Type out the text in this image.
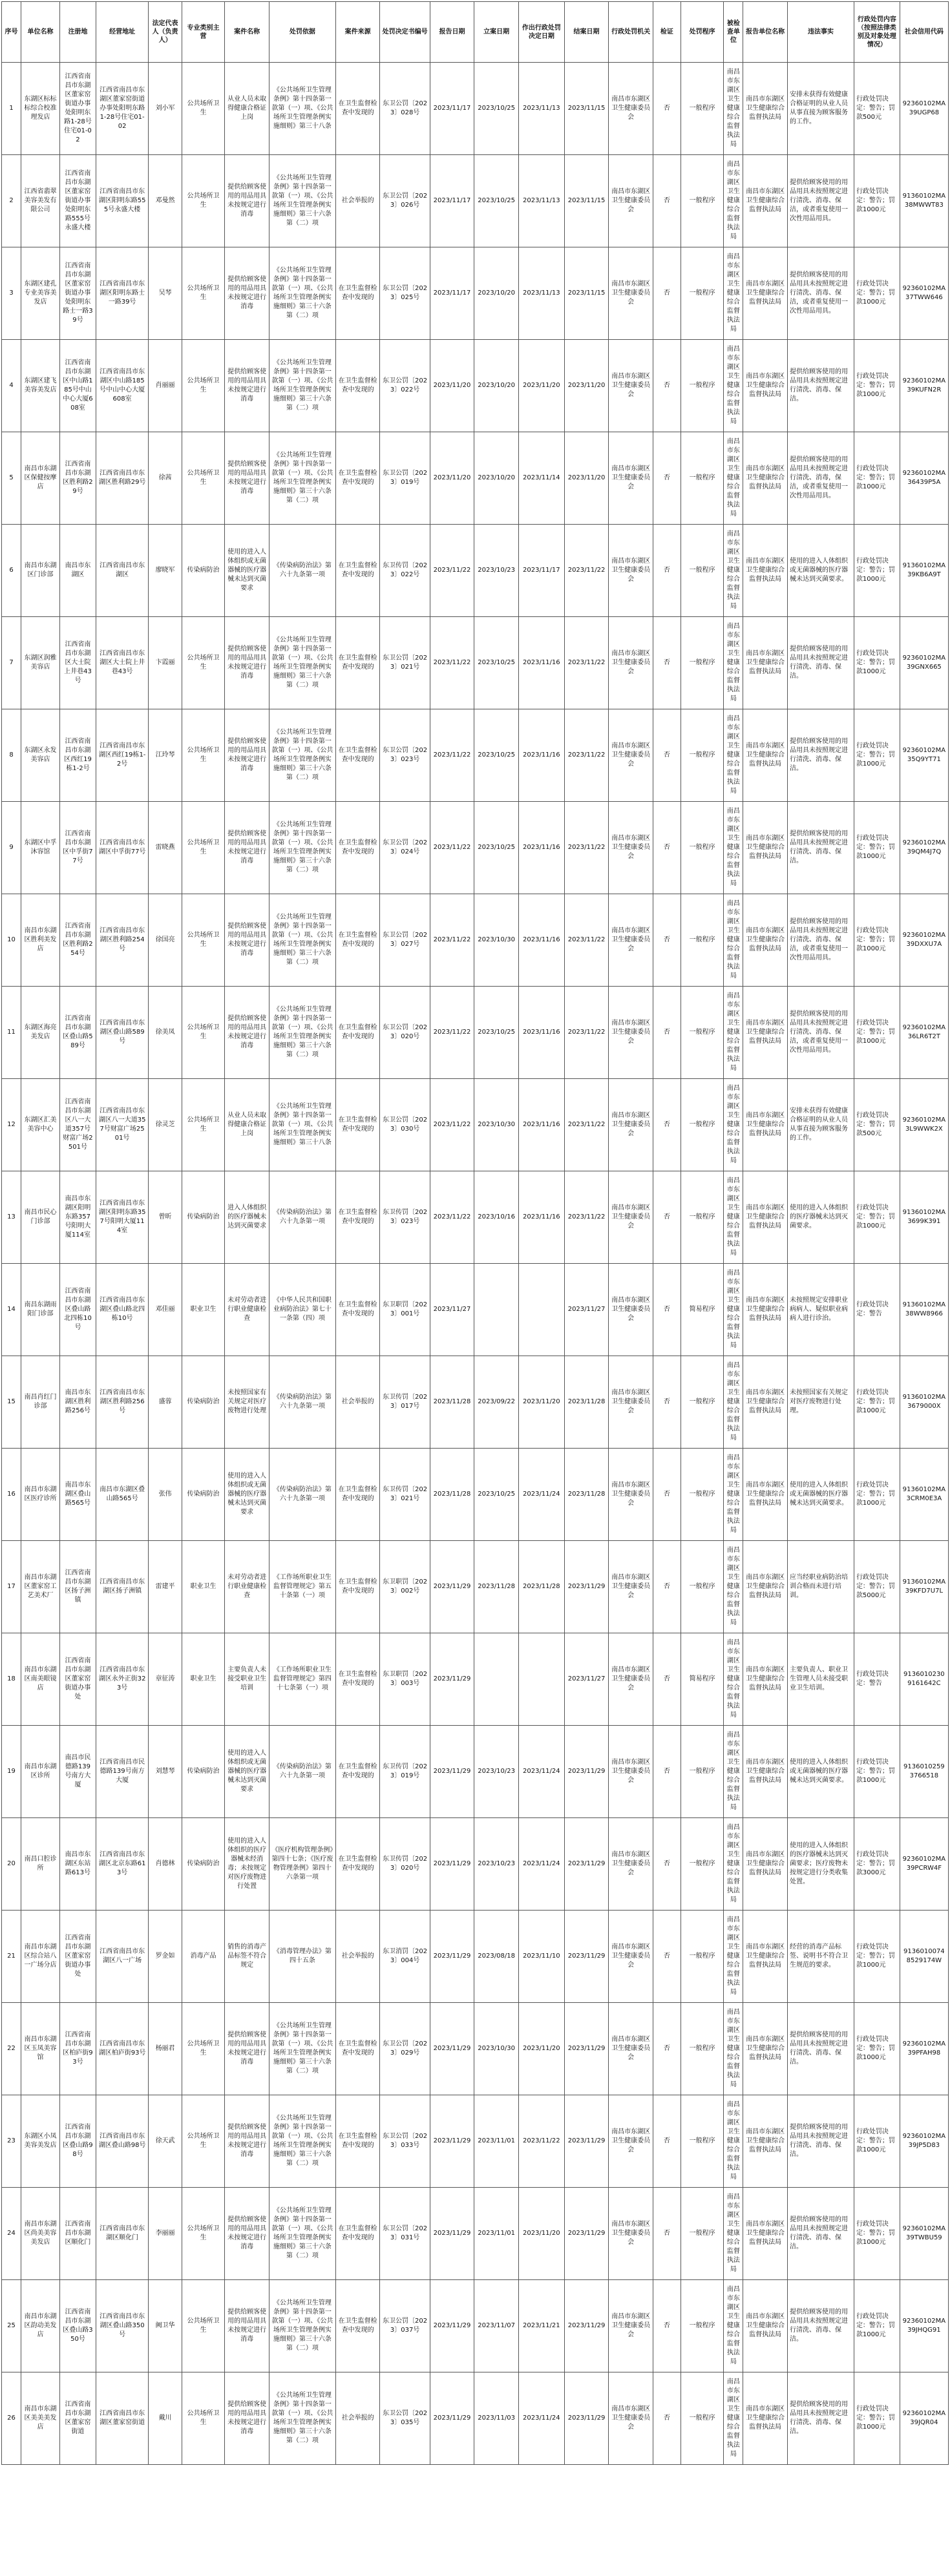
序号	单位名称	注册地	经营地址	法定代表人（负责人）	专业类别主营	案件名称	处罚依据	案件来源	处罚决定书编号	报告日期	立案日期	作出行政处罚决定日期	结案日期	行政处罚机关	检证	处罚程序	被检查单位	报告单位名称	违法事实	行政处罚内容（按照法律类别及对象处理情况）	社会信用代码
1	东湖区标标标综合校准理发店	江西省南昌市东湖区董家窑街道办事处阳明东路1-28号住宅01-02	江西省南昌市东湖区董家窑街道办事处阳明东路1-28号住宅01-02	刘小军	公共场所卫生	从业人员未取得健康合格证上岗	《公共场所卫生管理条例》第十四条第一款第（一）项、《公共场所卫生管理条例实施细则》第三十八条	在卫生监督检查中发现的	东卫公罚〔2023〕028号	2023/11/17	2023/10/25	2023/11/13	2023/11/15	南昌市东湖区卫生健康委员会	否	一般程序	南昌市东湖区卫生健康综合监督执法局	南昌市东湖区卫生健康综合监督执法局	安排未获得有效健康合格证明的从业人员从事直接为顾客服务的工作。	行政处罚决定：警告；罚款500元	92360102MA39UGP68
2	江西省翡翠美容美发有限公司	江西省南昌市东湖区董家窑街道办事处阳明东路555号永盛大楼	江西省南昌市东湖区阳明东路555号永盛大楼	邓曼然	公共场所卫生	提供给顾客使用的用品用具未按规定进行消毒	《公共场所卫生管理条例》第十四条第一款第（一）项、《公共场所卫生管理条例实施细则》第三十六条第（二）项	社会举报的	东卫公罚〔2023〕026号	2023/11/17	2023/10/25	2023/11/13	2023/11/15	南昌市东湖区卫生健康委员会	否	一般程序	南昌市东湖区卫生健康综合监督执法局	南昌市东湖区卫生健康综合监督执法局	提供给顾客使用的用品用具未按照规定进行清洗、消毒、保洁，或者重复使用一次性用品用具。	行政处罚决定：警告；罚款1000元	91360102MA38MWWT83
3	东湖区建孔专业美容美发店	江西省南昌市东湖区董家窑街道办事处阳明东路士一路39号	江西省南昌市东湖区阳明东路士一路39号	吴琴	公共场所卫生	提供给顾客使用的用品用具未按规定进行消毒	《公共场所卫生管理条例》第十四条第一款第（一）项、《公共场所卫生管理条例实施细则》第三十六条第（二）项	在卫生监督检查中发现的	东卫公罚〔2023〕025号	2023/11/17	2023/10/20	2023/11/13	2023/11/15	南昌市东湖区卫生健康委员会	否	一般程序	南昌市东湖区卫生健康综合监督执法局	南昌市东湖区卫生健康综合监督执法局	提供给顾客使用的用品用具未按照规定进行清洗、消毒、保洁，或者重复使用一次性用品用具。	行政处罚决定：警告；罚款1000元	92360102MA37TWW646
4	东湖区建飞美容美发店	江西省南昌市东湖区中山路185号中山中心大厦608室	江西省南昌市东湖区中山路185号中山中心大厦608室	肖丽丽	公共场所卫生	提供给顾客使用的用品用具未按规定进行消毒	《公共场所卫生管理条例》第十四条第一款第（一）项、《公共场所卫生管理条例实施细则》第三十六条第（二）项	在卫生监督检查中发现的	东卫公罚〔2023〕022号	2023/11/20	2023/10/20	2023/11/20	2023/11/20	南昌市东湖区卫生健康委员会	否	一般程序	南昌市东湖区卫生健康综合监督执法局	南昌市东湖区卫生健康综合监督执法局	提供给顾客使用的用品用具未按照规定进行清洗、消毒、保洁。	行政处罚决定：警告；罚款1000元	92360102MA39KUFN2R
5	南昌市东湖区保健按摩店	江西省南昌市东湖区胜利路29号	江西省南昌市东湖区胜利路29号	徐茜	公共场所卫生	提供给顾客使用的用品用具未按规定进行消毒	《公共场所卫生管理条例》第十四条第一款第（一）项、《公共场所卫生管理条例实施细则》第三十六条第（二）项	在卫生监督检查中发现的	东卫公罚〔2023〕019号	2023/11/20	2023/10/20	2023/11/14	2023/11/20	南昌市东湖区卫生健康委员会	否	一般程序	南昌市东湖区卫生健康综合监督执法局	南昌市东湖区卫生健康综合监督执法局	提供给顾客使用的用品用具未按照规定进行清洗、消毒，保洁，或者重复使用一次性用品用具。	行政处罚决定：警告；罚款1000元	92360102MA36439P5A
6	南昌市东湖区门诊部	南昌市东湖区	江西省南昌市东湖区	廖晓军	传染病防治	使用的进入人体组织或无菌器械的医疗器械未达到灭菌要求	《传染病防治法》第六十九条第一项	在卫生监督检查中发现的	东卫传罚〔2023〕022号	2023/11/22	2023/10/23	2023/11/17	2023/11/22	南昌市东湖区卫生健康委员会	否	一般程序	南昌市东湖区卫生健康综合监督执法局	南昌市东湖区卫生健康综合监督执法局	使用的进入人体组织或无菌器械的医疗器械未达到灭菌要求。	行政处罚决定：警告；罚款1000元	91360102MA39KB6A9T
7	东湖区润雅美容店	江西省南昌市东湖区大士院上井巷43号	江西省南昌市东湖区大士院上井巷43号	卞霞丽	公共场所卫生	提供给顾客使用的用品用具未按规定进行消毒	《公共场所卫生管理条例》第十四条第一款第（一）项、《公共场所卫生管理条例实施细则》第三十六条第（二）项	在卫生监督检查中发现的	东卫公罚〔2023〕021号	2023/11/22	2023/10/25	2023/11/16	2023/11/22	南昌市东湖区卫生健康委员会	否	一般程序	南昌市东湖区卫生健康综合监督执法局	南昌市东湖区卫生健康综合监督执法局	提供给顾客使用的用品用具未按照规定进行清洗、消毒、保洁。	行政处罚决定：警告；罚款1000元	92360102MA39GNX665
8	东湖区永发美容店	江西省南昌市东湖区西红19栋1-2号	江西省南昌市东湖区西红19栋1-2号	江玲琴	公共场所卫生	提供给顾客使用的用品用具未按规定进行消毒	《公共场所卫生管理条例》第十四条第一款第（一）项、《公共场所卫生管理条例实施细则》第三十六条第（二）项	在卫生监督检查中发现的	东卫公罚〔2023〕023号	2023/11/22	2023/10/25	2023/11/16	2023/11/22	南昌市东湖区卫生健康委员会	否	一般程序	南昌市东湖区卫生健康综合监督执法局	南昌市东湖区卫生健康综合监督执法局	提供给顾客使用的用品用具未按照规定进行清洗、消毒、保洁。	行政处罚决定：警告；罚款1000元	92360102MA35Q9YT71
9	东湖区中孚沐容馆	江西省南昌市东湖区中孚街77号	江西省南昌市东湖区中孚街77号	雷晓燕	公共场所卫生	提供给顾客使用的用品用具未按规定进行消毒	《公共场所卫生管理条例》第十四条第一款第（一）项、《公共场所卫生管理条例实施细则》第三十六条第（二）项	在卫生监督检查中发现的	东卫公罚〔2023〕024号	2023/11/22	2023/10/25	2023/11/16	2023/11/22	南昌市东湖区卫生健康委员会	否	一般程序	南昌市东湖区卫生健康综合监督执法局	南昌市东湖区卫生健康综合监督执法局	提供给顾客使用的用品用具未按照规定进行清洗、消毒、保洁。	行政处罚决定：警告；罚款1000元	92360102MA39QM4J7Q
10	南昌市东湖区胜利美发店	江西省南昌市东湖区胜利路254号	江西省南昌市东湖区胜利路254号	徐国亮	公共场所卫生	提供给顾客使用的用品用具未按规定进行消毒	《公共场所卫生管理条例》第十四条第一款第（一）项、《公共场所卫生管理条例实施细则》第三十六条第（二）项	在卫生监督检查中发现的	东卫公罚〔2023〕027号	2023/11/22	2023/10/30	2023/11/16	2023/11/22	南昌市东湖区卫生健康委员会	否	一般程序	南昌市东湖区卫生健康综合监督执法局	南昌市东湖区卫生健康综合监督执法局	提供给顾客使用的用品用具未按照规定进行清洗、消毒、保洁，或者重复使用一次性用品用具。	行政处罚决定：警告；罚款1000元	92360102MA39DXXU7A
11	东湖区海亮美发店	江西省南昌市东湖区叠山路589号	江西省南昌市东湖区叠山路589号	徐美凤	公共场所卫生	提供给顾客使用的用品用具未按规定进行消毒	《公共场所卫生管理条例》第十四条第一款第（一）项、《公共场所卫生管理条例实施细则》第三十六条第（二）项	在卫生监督检查中发现的	东卫公罚〔2023〕020号	2023/11/22	2023/10/25	2023/11/16	2023/11/22	南昌市东湖区卫生健康委员会	否	一般程序	南昌市东湖区卫生健康综合监督执法局	南昌市东湖区卫生健康综合监督执法局	提供给顾客使用的用品用具未按照规定进行清洗、消毒、保洁，或者重复使用一次性用品用具。	行政处罚决定：警告；罚款1000元	92360102MA36LR6T2T
12	东湖区汇美美容中心	江西省南昌市东湖区八一大道357号财富广场2501号	江西省南昌市东湖区八一大道357号财富广场2501号	徐灵芝	公共场所卫生	从业人员未取得健康合格证上岗	《公共场所卫生管理条例》第十四条第一款第（一）项、《公共场所卫生管理条例实施细则》第三十八条	在卫生监督检查中发现的	东卫公罚〔2023〕030号	2023/11/22	2023/10/30	2023/11/16	2023/11/22	南昌市东湖区卫生健康委员会	否	一般程序	南昌市东湖区卫生健康综合监督执法局	南昌市东湖区卫生健康综合监督执法局	安排未获得有效健康合格证明的从业人员从事直接为顾客服务的工作。	行政处罚决定：警告；罚款500元	92360102MA3L9WWK2X
13	南昌市民心门诊部	南昌市东湖区阳明东路357号阳明大厦114室	江西省南昌市东湖区阳明东路357号阳明大厦114室	曾昕	传染病防治	进入人体组织的医疗器械未达到灭菌要求	《传染病防治法》第六十九条第一项	在卫生监督检查中发现的	东卫传罚〔2023〕023号	2023/11/22	2023/10/16	2023/11/16	2023/11/22	南昌市东湖区卫生健康委员会	否	一般程序	南昌市东湖区卫生健康综合监督执法局	南昌市东湖区卫生健康综合监督执法局	使用的进入人体组织的医疗器械未达到灭菌要求。	行政处罚决定：警告；罚款1000元	91360102MA3699K391
14	南昌东湖雨阳门诊部	江西省南昌市东湖区叠山路北四栋10号	江西省南昌市东湖区叠山路北四栋10号	邓佳丽	职业卫生	未对劳动者进行职业健康检查	《中华人民共和国职业病防治法》第七十一条第（四）项	在卫生监督检查中发现的	东卫职罚〔2023〕001号	2023/11/27			2023/11/27	南昌市东湖区卫生健康委员会	否	简易程序	南昌市东湖区卫生健康综合监督执法局	南昌市东湖区卫生健康综合监督执法局	未按照规定安排职业病病人、疑似职业病病人进行诊治。	行政处罚决定：警告	91360102MA38WW8966
15	南昌肖红门诊部	南昌市东湖区胜利路256号	江西省南昌市东湖区胜利路256号	盛蓉	传染病防治	未按照国家有关规定对医疗废物进行处理	《传染病防治法》第六十九条第一项	社会举报的	东卫传罚〔2023〕017号	2023/11/28	2023/09/22	2023/11/20	2023/11/28	南昌市东湖区卫生健康委员会	否	一般程序	南昌市东湖区卫生健康综合监督执法局	南昌市东湖区卫生健康综合监督执法局	未按照国家有关规定对医疗废物进行处理。	行政处罚决定：警告；罚款1000元	91360102MA3679000X
16	南昌市东湖区医疗诊所	南昌市东湖区叠山路565号	南昌市东湖区叠山路565号	张伟	传染病防治	使用的进入人体组织或无菌器械的医疗器械未达到灭菌要求	《传染病防治法》第六十九条第一项	在卫生监督检查中发现的	东卫传罚〔2023〕021号	2023/11/28	2023/10/25	2023/11/24	2023/11/28	南昌市东湖区卫生健康委员会	否	一般程序	南昌市东湖区卫生健康综合监督执法局	南昌市东湖区卫生健康综合监督执法局	使用的进入人体组织或无菌器械的医疗器械未达到灭菌要求。	行政处罚决定：警告；罚款1000元	91360102MA3CRM0E3A
17	南昌市东湖区董家窑工艺美术厂	江西省南昌市东湖区扬子洲镇	江西省南昌市东湖区扬子洲镇	雷建平	职业卫生	未对劳动者进行职业健康检查	《工作场所职业卫生监督管理规定》第五十条第（一）项	在卫生监督检查中发现的	东卫职罚〔2023〕002号	2023/11/29	2023/11/28	2023/11/28	2023/11/29	南昌市东湖区卫生健康委员会	否	一般程序	南昌市东湖区卫生健康综合监督执法局	南昌市东湖区卫生健康综合监督执法局	应当经职业病防治培训合格而未进行培训。	行政处罚决定：警告；罚款5000元	91360102MA39KFD7U7L
18	南昌市东湖区南美眼镜店	江西省南昌市东湖区董家窑街道办事处	江西省南昌市东湖区永外正街323号	章征涛	职业卫生	主要负责人未接受职业卫生培训	《工作场所职业卫生监督管理规定》第四十七条第（一）项	在卫生监督检查中发现的	东卫职罚〔2023〕003号	2023/11/29			2023/11/27	南昌市东湖区卫生健康委员会	否	简易程序	南昌市东湖区卫生健康综合监督执法局	南昌市东湖区卫生健康综合监督执法局	主要负责人、职业卫生管理人员未接受职业卫生培训。	行政处罚决定：警告	91360102309161642C
19	南昌市东湖区诊所	南昌市民德路139号南方大厦	江西省南昌市民德路139号南方大厦	刘慧琴	传染病防治	使用的进入人体组织或无菌器械的医疗器械未达到灭菌要求	《传染病防治法》第六十九条第一项	在卫生监督检查中发现的	东卫传罚〔2023〕019号	2023/11/29	2023/10/23	2023/11/24	2023/11/29	南昌市东湖区卫生健康委员会	否	一般程序	南昌市东湖区卫生健康综合监督执法局	南昌市东湖区卫生健康综合监督执法局	使用的进入人体组织或无菌器械的医疗器械未达到灭菌要求。	行政处罚决定：警告；罚款1000元	91360102593766518
20	南昌口腔诊所	南昌市东湖区东站路613号	江西省南昌市东湖区北京东路613号	肖德林	传染病防治	使用的进入人体组织的医疗器械未经消毒；未按规定对医疗废物进行处置	《医疗机构管理条例》第四十七条；《医疗废物管理条例》第四十六条第一项	在卫生监督检查中发现的	东卫传罚〔2023〕020号	2023/11/29	2023/10/23	2023/11/24	2023/11/29	南昌市东湖区卫生健康委员会	否	一般程序	南昌市东湖区卫生健康综合监督执法局	南昌市东湖区卫生健康综合监督执法局	使用的进入人体组织的医疗器械未达到灭菌要求；医疗废物未按规定进行分类收集处置。	行政处罚决定：警告；罚款3000元	92360102MA39PCRW4F
21	南昌市东湖区综合站八一广场分店	江西省南昌市东湖区董家窑街道办事处	江西省南昌市东湖区八一广场	罗金如	消毒产品	销售的消毒产品标签不符合规定	《消毒管理办法》第四十五条	社会举报的	东卫消罚〔2023〕004号	2023/11/29	2023/08/18	2023/11/10	2023/11/29	南昌市东湖区卫生健康委员会	否	一般程序	南昌市东湖区卫生健康综合监督执法局	南昌市东湖区卫生健康综合监督执法局	经营的消毒产品标签、说明书不符合卫生规范的要求。	行政处罚决定：警告；罚款1000元	91360100748529174W
22	南昌市东湖区玉凤美容馆	江西省南昌市东湖区柏庐街93号	江西省南昌市东湖区柏庐街93号	杨丽君	公共场所卫生	提供给顾客使用的用品用具未按规定进行消毒	《公共场所卫生管理条例》第十四条第一款第（一）项、《公共场所卫生管理条例实施细则》第三十六条第（二）项	在卫生监督检查中发现的	东卫公罚〔2023〕029号	2023/11/29	2023/10/30	2023/11/20	2023/11/29	南昌市东湖区卫生健康委员会	否	一般程序	南昌市东湖区卫生健康综合监督执法局	南昌市东湖区卫生健康综合监督执法局	提供给顾客使用的用品用具未按照规定进行清洗、消毒、保洁。	行政处罚决定：警告；罚款1000元	92360102MA39PFAH98
23	东湖区小凤美容美发店	江西省南昌市东湖区叠山路98号	江西省南昌市东湖区叠山路98号	徐天武	公共场所卫生	提供给顾客使用的用品用具未按规定进行消毒	《公共场所卫生管理条例》第十四条第一款第（一）项、《公共场所卫生管理条例实施细则》第三十六条第（二）项	在卫生监督检查中发现的	东卫公罚〔2023〕033号	2023/11/29	2023/11/01	2023/11/22	2023/11/29	南昌市东湖区卫生健康委员会	否	一般程序	南昌市东湖区卫生健康综合监督执法局	南昌市东湖区卫生健康综合监督执法局	提供给顾客使用的用品用具未按照规定进行清洗、消毒、保洁。	行政处罚决定：警告；罚款1000元	92360102MA39JP5D83
24	南昌市东湖区尚美美容美发店	江西省南昌市东湖区顺化门	江西省南昌市东湖区顺化门	李丽丽	公共场所卫生	提供给顾客使用的用品用具未按规定进行消毒	《公共场所卫生管理条例》第十四条第一款第（一）项、《公共场所卫生管理条例实施细则》第三十六条第（二）项	在卫生监督检查中发现的	东卫公罚〔2023〕031号	2023/11/29	2023/11/01	2023/11/20	2023/11/29	南昌市东湖区卫生健康委员会	否	一般程序	南昌市东湖区卫生健康综合监督执法局	南昌市东湖区卫生健康综合监督执法局	提供给顾客使用的用品用具未按照规定进行清洗、消毒、保洁。	行政处罚决定：警告；罚款1000元	92360102MA39TWBU59
25	南昌市东湖区韵动美发店	江西省南昌市东湖区叠山路350号	江西省南昌市东湖区叠山路350号	阙卫华	公共场所卫生	提供给顾客使用的用品用具未按规定进行消毒	《公共场所卫生管理条例》第十四条第一款第（一）项、《公共场所卫生管理条例实施细则》第三十六条第（二）项	在卫生监督检查中发现的	东卫公罚〔2023〕037号	2023/11/29	2023/11/07	2023/11/21	2023/11/29	南昌市东湖区卫生健康委员会	否	一般程序	南昌市东湖区卫生健康综合监督执法局	南昌市东湖区卫生健康综合监督执法局	提供给顾客使用的用品用具未按照规定进行清洗、消毒、保洁。	行政处罚决定：警告；罚款1000元	92360102MA39JHQG91
26	南昌市东湖区美美美发店	江西省南昌市东湖区董家窑街道	江西省南昌市东湖区董家窑街道	戴川	公共场所卫生	提供给顾客使用的用品用具未按规定进行消毒	《公共场所卫生管理条例》第十四条第一款第（一）项、《公共场所卫生管理条例实施细则》第三十六条第（二）项	社会举报的	东卫公罚〔2023〕035号	2023/11/29	2023/11/03	2023/11/24	2023/11/29	南昌市东湖区卫生健康委员会	否	一般程序	南昌市东湖区卫生健康综合监督执法局	南昌市东湖区卫生健康综合监督执法局	提供给顾客使用的用品用具未按照规定进行清洗、消毒、保洁。	行政处罚决定：警告；罚款1000元	92360102MA39JQR04
